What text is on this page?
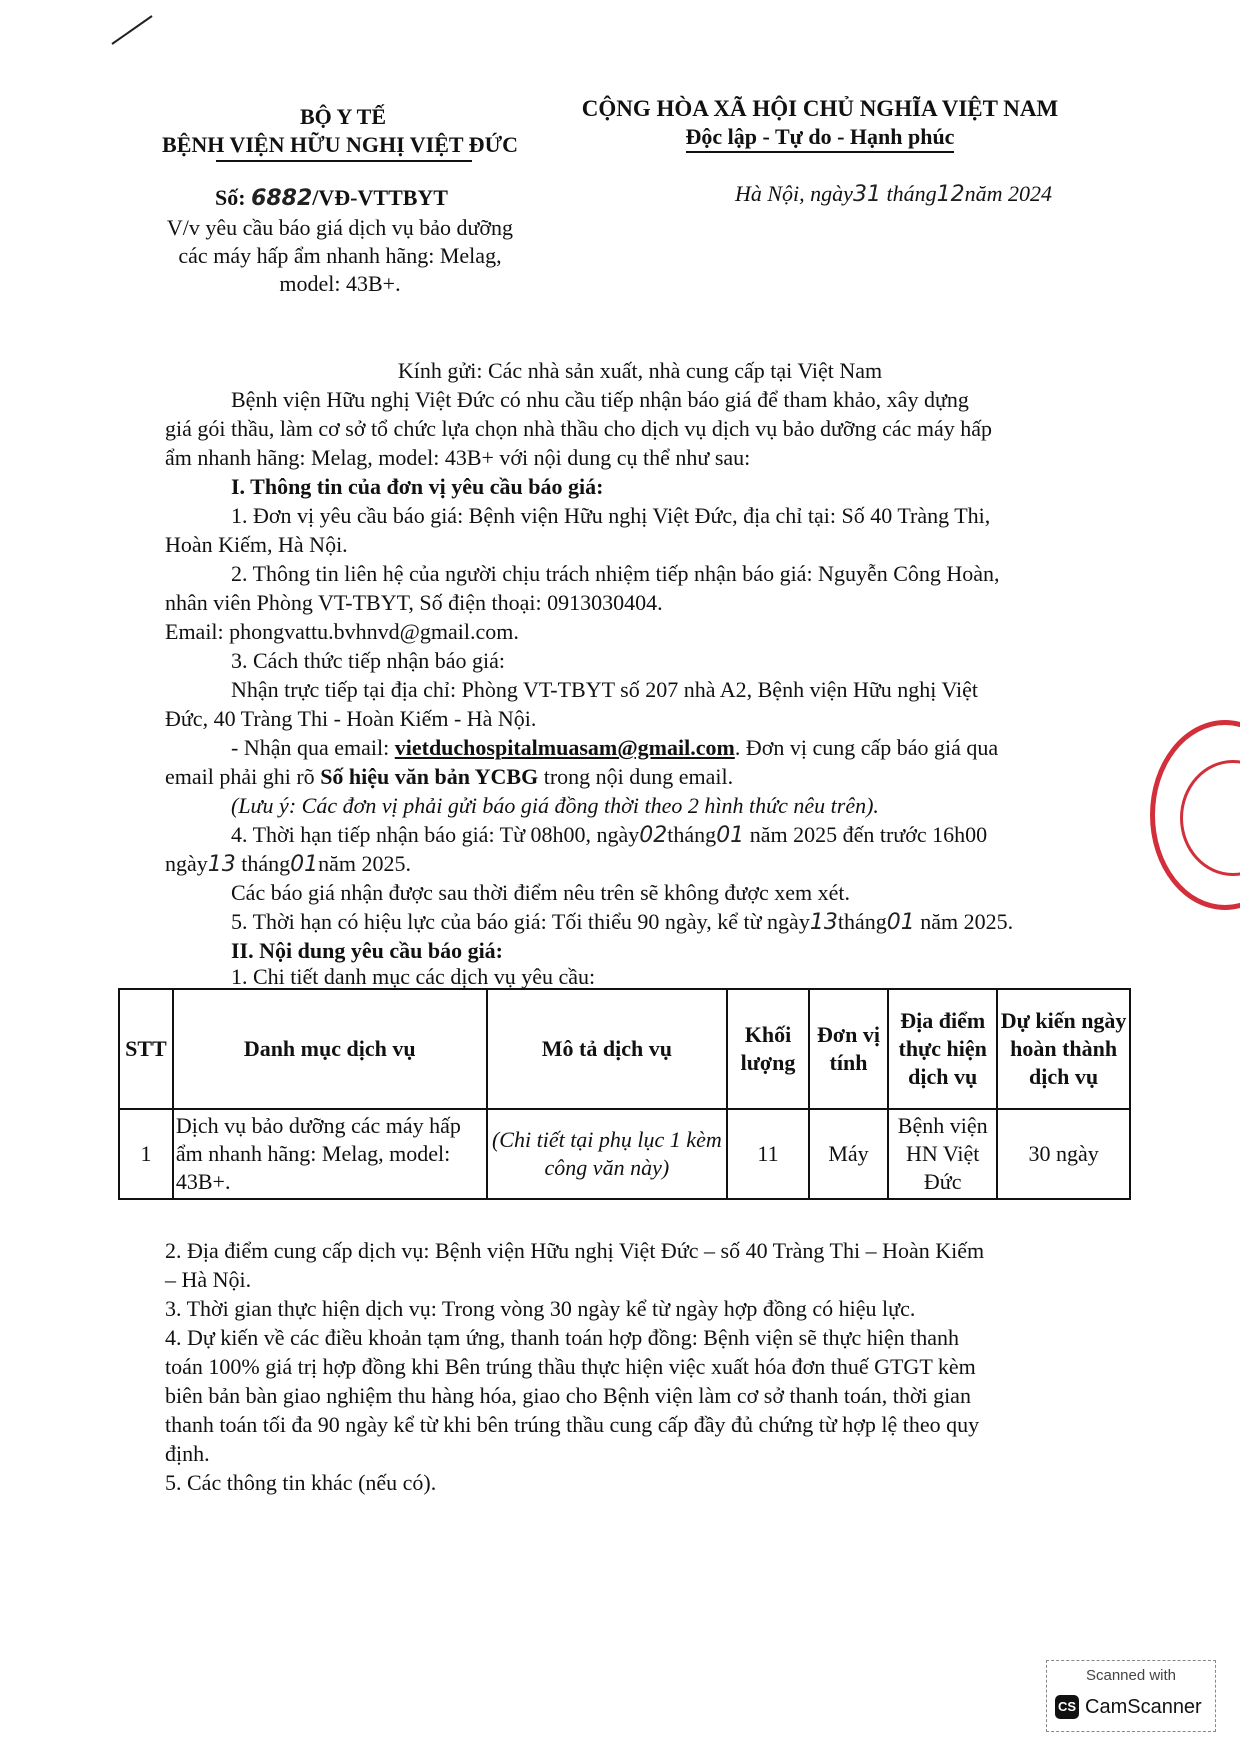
BỘ Y TẾ
BỆNH VIỆN HỮU NGHỊ VIỆT ĐỨC
Số: 6882/VĐ-VTTBYT
V/v yêu cầu báo giá dịch vụ bảo dưỡng
các máy hấp ẩm nhanh hãng: Melag,
model: 43B+.
CỘNG HÒA XÃ HỘI CHỦ NGHĨA VIỆT NAM
Độc lập - Tự do - Hạnh phúc
Hà Nội, ngày31 tháng12năm 2024
Kính gửi: Các nhà sản xuất, nhà cung cấp tại Việt Nam
Bệnh viện Hữu nghị Việt Đức có nhu cầu tiếp nhận báo giá để tham khảo, xây dựng
giá gói thầu, làm cơ sở tổ chức lựa chọn nhà thầu cho dịch vụ dịch vụ bảo dưỡng các máy hấp
ẩm nhanh hãng: Melag, model: 43B+ với nội dung cụ thể như sau:
I. Thông tin của đơn vị yêu cầu báo giá:
1. Đơn vị yêu cầu báo giá: Bệnh viện Hữu nghị Việt Đức, địa chỉ tại: Số 40 Tràng Thi,
Hoàn Kiếm, Hà Nội.
2. Thông tin liên hệ của người chịu trách nhiệm tiếp nhận báo giá: Nguyễn Công Hoàn,
nhân viên Phòng VT-TBYT, Số điện thoại: 0913030404.
Email: phongvattu.bvhnvd@gmail.com.
3. Cách thức tiếp nhận báo giá:
Nhận trực tiếp tại địa chỉ: Phòng VT-TBYT số 207 nhà A2, Bệnh viện Hữu nghị Việt
Đức, 40 Tràng Thi - Hoàn Kiếm - Hà Nội.
- Nhận qua email: vietduchospitalmuasam@gmail.com. Đơn vị cung cấp báo giá qua
email phải ghi rõ Số hiệu văn bản YCBG trong nội dung email.
(Lưu ý: Các đơn vị phải gửi báo giá đồng thời theo 2 hình thức nêu trên).
4. Thời hạn tiếp nhận báo giá: Từ 08h00, ngày02tháng01 năm 2025 đến trước 16h00
ngày13 tháng01năm 2025.
Các báo giá nhận được sau thời điểm nêu trên sẽ không được xem xét.
5. Thời hạn có hiệu lực của báo giá: Tối thiểu 90 ngày, kể từ ngày13tháng01 năm 2025.
II. Nội dung yêu cầu báo giá:
1. Chi tiết danh mục các dịch vụ yêu cầu:
STT	Danh mục dịch vụ	Mô tả dịch vụ	Khối lượng	Đơn vị tính	Địa điểm thực hiện dịch vụ	Dự kiến ngày hoàn thành dịch vụ
1	Dịch vụ bảo dưỡng các máy hấp ẩm nhanh hãng: Melag, model: 43B+.	(Chi tiết tại phụ lục 1 kèm công văn này)	11	Máy	Bệnh viện HN Việt Đức	30 ngày
2. Địa điểm cung cấp dịch vụ: Bệnh viện Hữu nghị Việt Đức – số 40 Tràng Thi – Hoàn Kiếm
– Hà Nội.
3. Thời gian thực hiện dịch vụ: Trong vòng 30 ngày kể từ ngày hợp đồng có hiệu lực.
4. Dự kiến về các điều khoản tạm ứng, thanh toán hợp đồng: Bệnh viện sẽ thực hiện thanh
toán 100% giá trị hợp đồng khi Bên trúng thầu thực hiện việc xuất hóa đơn thuế GTGT kèm
biên bản bàn giao nghiệm thu hàng hóa, giao cho Bệnh viện làm cơ sở thanh toán, thời gian
thanh toán tối đa 90 ngày kể từ khi bên trúng thầu cung cấp đầy đủ chứng từ hợp lệ theo quy
định.
5. Các thông tin khác (nếu có).
Scanned with
CS CamScanner
